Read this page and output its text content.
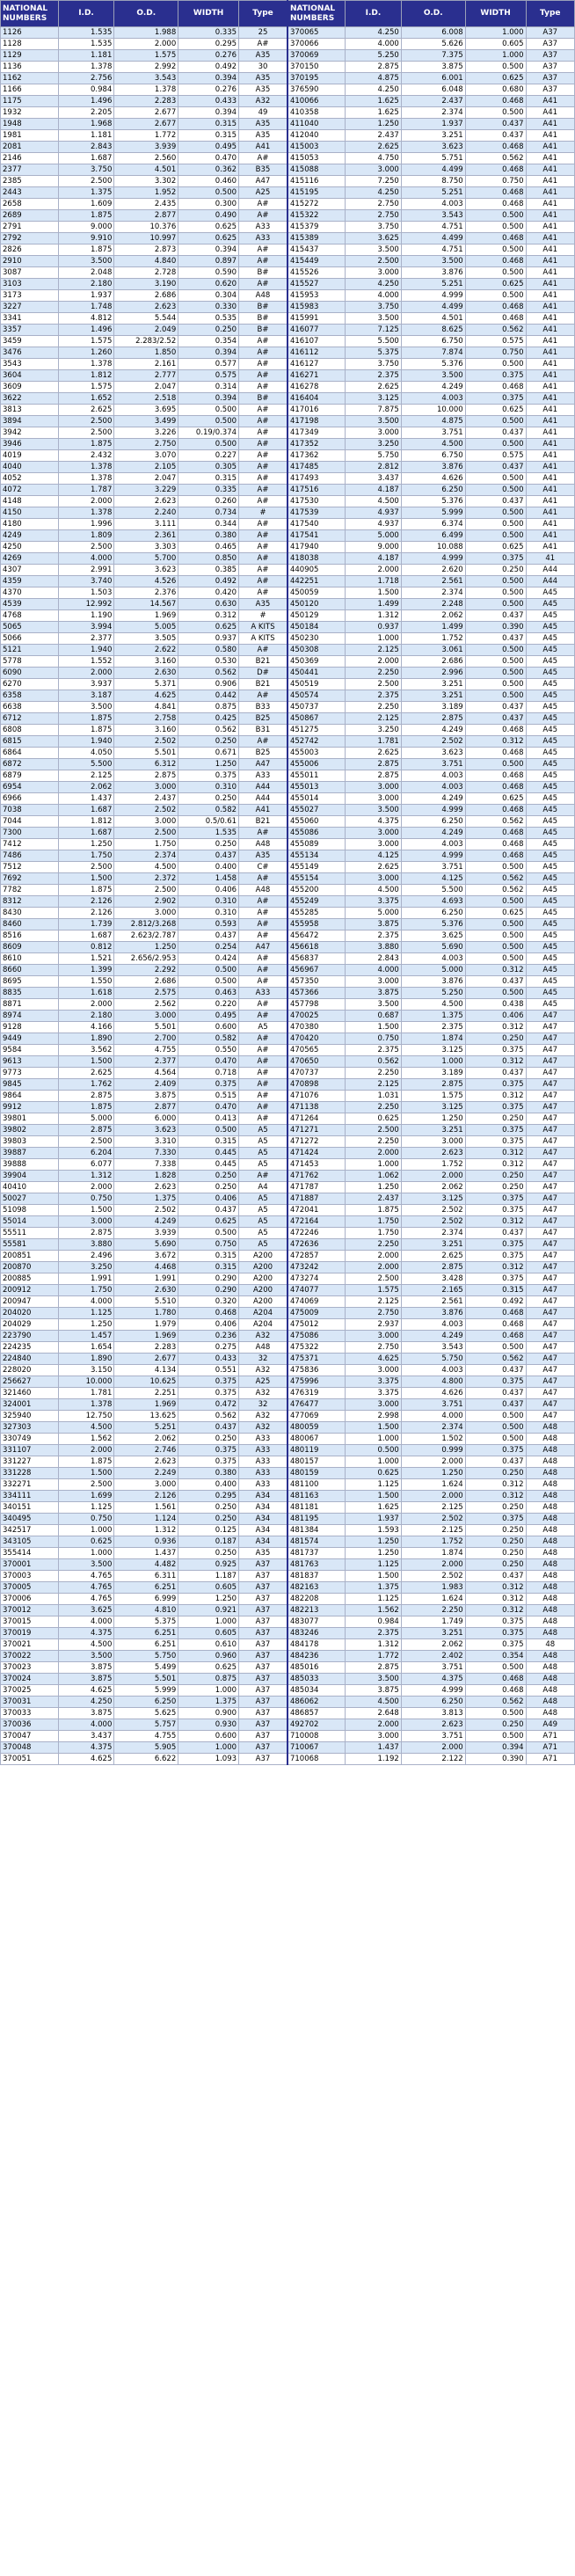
NATIONAL NUMBERS	I.D.	O.D.	WIDTH	Type	NATIONAL NUMBERS	I.D.	O.D.	WIDTH	Type
1126	1.535	1.988	0.335	25	370065	4.250	6.008	1.000	A37
1128	1.535	2.000	0.295	A#	370066	4.000	5.626	0.605	A37
1129	1.181	1.575	0.276	A35	370069	5.250	7.375	1.000	A37
1136	1.378	2.992	0.492	30	370150	2.875	3.875	0.500	A37
1162	2.756	3.543	0.394	A35	370195	4.875	6.001	0.625	A37
1166	0.984	1.378	0.276	A35	376590	4.250	6.048	0.680	A37
1175	1.496	2.283	0.433	A32	410066	1.625	2.437	0.468	A41
1932	2.205	2.677	0.394	49	410358	1.625	2.374	0.500	A41
1948	1.968	2.677	0.315	A35	411040	1.250	1.937	0.437	A41
1981	1.181	1.772	0.315	A35	412040	2.437	3.251	0.437	A41
2081	2.843	3.939	0.495	A41	415003	2.625	3.623	0.468	A41
2146	1.687	2.560	0.470	A#	415053	4.750	5.751	0.562	A41
2377	3.750	4.501	0.362	B35	415088	3.000	4.499	0.468	A41
2385	2.500	3.302	0.460	A47	415116	7.250	8.750	0.750	A41
2443	1.375	1.952	0.500	A25	415195	4.250	5.251	0.468	A41
2658	1.609	2.435	0.300	A#	415272	2.750	4.003	0.468	A41
2689	1.875	2.877	0.490	A#	415322	2.750	3.543	0.500	A41
2791	9.000	10.376	0.625	A33	415379	3.750	4.751	0.500	A41
2792	9.910	10.997	0.625	A33	415389	3.625	4.499	0.468	A41
2826	1.875	2.873	0.394	A#	415437	3.500	4.751	0.500	A41
2910	3.500	4.840	0.897	A#	415449	2.500	3.500	0.468	A41
3087	2.048	2.728	0.590	B#	415526	3.000	3.876	0.500	A41
3103	2.180	3.190	0.620	A#	415527	4.250	5.251	0.625	A41
3173	1.937	2.686	0.304	A48	415953	4.000	4.999	0.500	A41
3227	1.748	2.623	0.330	B#	415983	3.750	4.499	0.468	A41
3341	4.812	5.544	0.535	B#	415991	3.500	4.501	0.468	A41
3357	1.496	2.049	0.250	B#	416077	7.125	8.625	0.562	A41
3459	1.575	2.283/2.52	0.354	A#	416107	5.500	6.750	0.575	A41
3476	1.260	1.850	0.394	A#	416112	5.375	7.874	0.750	A41
3543	1.378	2.161	0.577	A#	416127	3.750	5.376	0.500	A41
3604	1.812	2.777	0.575	A#	416271	2.375	3.500	0.375	A41
3609	1.575	2.047	0.314	A#	416278	2.625	4.249	0.468	A41
3622	1.652	2.518	0.394	B#	416404	3.125	4.003	0.375	A41
3813	2.625	3.695	0.500	A#	417016	7.875	10.000	0.625	A41
3894	2.500	3.499	0.500	A#	417198	3.500	4.875	0.500	A41
3942	2.500	3.226	0.19/0.374	A#	417349	3.000	3.751	0.437	A41
3946	1.875	2.750	0.500	A#	417352	3.250	4.500	0.500	A41
4019	2.432	3.070	0.227	A#	417362	5.750	6.750	0.575	A41
4040	1.378	2.105	0.305	A#	417485	2.812	3.876	0.437	A41
4052	1.378	2.047	0.315	A#	417493	3.437	4.626	0.500	A41
4072	1.787	3.229	0.335	A#	417516	4.187	6.250	0.500	A41
4148	2.000	2.623	0.260	A#	417530	4.500	5.376	0.437	A41
4150	1.378	2.240	0.734	#	417539	4.937	5.999	0.500	A41
4180	1.996	3.111	0.344	A#	417540	4.937	6.374	0.500	A41
4249	1.809	2.361	0.380	A#	417541	5.000	6.499	0.500	A41
4250	2.500	3.303	0.465	A#	417940	9.000	10.088	0.625	A41
4269	4.000	5.700	0.850	A#	418038	4.187	4.999	0.375	41
4307	2.991	3.623	0.385	A#	440905	2.000	2.620	0.250	A44
4359	3.740	4.526	0.492	A#	442251	1.718	2.561	0.500	A44
4370	1.503	2.376	0.420	A#	450059	1.500	2.374	0.500	A45
4539	12.992	14.567	0.630	A35	450120	1.499	2.248	0.500	A45
4768	1.190	1.969	0.312	#	450129	1.312	2.062	0.437	A45
5065	3.994	5.005	0.625	A KITS	450184	0.937	1.499	0.390	A45
5066	2.377	3.505	0.937	A KITS	450230	1.000	1.752	0.437	A45
5121	1.940	2.622	0.580	A#	450308	2.125	3.061	0.500	A45
5778	1.552	3.160	0.530	B21	450369	2.000	2.686	0.500	A45
6090	2.000	2.630	0.562	D#	450441	2.250	2.996	0.500	A45
6270	3.937	5.371	0.906	B21	450519	2.500	3.251	0.500	A45
6358	3.187	4.625	0.442	A#	450574	2.375	3.251	0.500	A45
6638	3.500	4.841	0.875	B33	450737	2.250	3.189	0.437	A45
6712	1.875	2.758	0.425	B25	450867	2.125	2.875	0.437	A45
6808	1.875	3.160	0.562	B31	451275	3.250	4.249	0.468	A45
6815	1.940	2.502	0.250	A#	452742	1.781	2.502	0.312	A45
6864	4.050	5.501	0.671	B25	455003	2.625	3.623	0.468	A45
6872	5.500	6.312	1.250	A47	455006	2.875	3.751	0.500	A45
6879	2.125	2.875	0.375	A33	455011	2.875	4.003	0.468	A45
6954	2.062	3.000	0.310	A44	455013	3.000	4.003	0.468	A45
6966	1.437	2.437	0.250	A44	455014	3.000	4.249	0.625	A45
7038	1.687	2.502	0.582	A41	455027	3.500	4.999	0.468	A45
7044	1.812	3.000	0.5/0.61	B21	455060	4.375	6.250	0.562	A45
7300	1.687	2.500	1.535	A#	455086	3.000	4.249	0.468	A45
7412	1.250	1.750	0.250	A48	455089	3.000	4.003	0.468	A45
7486	1.750	2.374	0.437	A35	455134	4.125	4.999	0.468	A45
7512	2.500	4.500	0.400	C#	455149	2.625	3.751	0.500	A45
7692	1.500	2.372	1.458	A#	455154	3.000	4.125	0.562	A45
7782	1.875	2.500	0.406	A48	455200	4.500	5.500	0.562	A45
8312	2.126	2.902	0.310	A#	455249	3.375	4.693	0.500	A45
8430	2.126	3.000	0.310	A#	455285	5.000	6.250	0.625	A45
8460	1.739	2.812/3.268	0.593	A#	455958	3.875	5.376	0.500	A45
8516	1.687	2.623/2.787	0.437	A#	456472	2.375	3.625	0.500	A45
8609	0.812	1.250	0.254	A47	456618	3.880	5.690	0.500	A45
8610	1.521	2.656/2.953	0.424	A#	456837	2.843	4.003	0.500	A45
8660	1.399	2.292	0.500	A#	456967	4.000	5.000	0.312	A45
8695	1.550	2.686	0.500	A#	457350	3.000	3.876	0.437	A45
8835	1.618	2.575	0.463	A33	457366	3.875	5.250	0.500	A45
8871	2.000	2.562	0.220	A#	457798	3.500	4.500	0.438	A45
8974	2.180	3.000	0.495	A#	470025	0.687	1.375	0.406	A47
9128	4.166	5.501	0.600	A5	470380	1.500	2.375	0.312	A47
9449	1.890	2.700	0.582	A#	470420	0.750	1.874	0.250	A47
9584	3.562	4.755	0.550	A#	470565	2.375	3.125	0.375	A47
9613	1.500	2.377	0.470	A#	470650	0.562	1.000	0.312	A47
9773	2.625	4.564	0.718	A#	470737	2.250	3.189	0.437	A47
9845	1.762	2.409	0.375	A#	470898	2.125	2.875	0.375	A47
9864	2.875	3.875	0.515	A#	471076	1.031	1.575	0.312	A47
9912	1.875	2.877	0.470	A#	471138	2.250	3.125	0.375	A47
39801	5.000	6.000	0.413	A#	471264	0.625	1.250	0.250	A47
39802	2.875	3.623	0.500	A5	471271	2.500	3.251	0.375	A47
39803	2.500	3.310	0.315	A5	471272	2.250	3.000	0.375	A47
39887	6.204	7.330	0.445	A5	471424	2.000	2.623	0.312	A47
39888	6.077	7.338	0.445	A5	471453	1.000	1.752	0.312	A47
39904	1.312	1.828	0.250	A#	471762	1.062	2.000	0.250	A47
40410	2.000	2.623	0.250	A4	471787	1.250	2.062	0.250	A47
50027	0.750	1.375	0.406	A5	471887	2.437	3.125	0.375	A47
51098	1.500	2.502	0.437	A5	472041	1.875	2.502	0.375	A47
55014	3.000	4.249	0.625	A5	472164	1.750	2.502	0.312	A47
55511	2.875	3.939	0.500	A5	472246	1.750	2.374	0.437	A47
55581	3.880	5.690	0.750	A5	472636	2.250	3.251	0.375	A47
200851	2.496	3.672	0.315	A200	472857	2.000	2.625	0.375	A47
200870	3.250	4.468	0.315	A200	473242	2.000	2.875	0.312	A47
200885	1.991	1.991	0.290	A200	473274	2.500	3.428	0.375	A47
200912	1.750	2.630	0.290	A200	474077	1.575	2.165	0.315	A47
200947	4.000	5.510	0.320	A200	474069	2.125	2.561	0.492	A47
204020	1.125	1.780	0.468	A204	475009	2.750	3.876	0.468	A47
204029	1.250	1.979	0.406	A204	475012	2.937	4.003	0.468	A47
223790	1.457	1.969	0.236	A32	475086	3.000	4.249	0.468	A47
224235	1.654	2.283	0.275	A48	475322	2.750	3.543	0.500	A47
224840	1.890	2.677	0.433	32	475371	4.625	5.750	0.562	A47
228020	3.150	4.134	0.551	A32	475836	3.000	4.003	0.437	A47
256627	10.000	10.625	0.375	A25	475996	3.375	4.800	0.375	A47
321460	1.781	2.251	0.375	A32	476319	3.375	4.626	0.437	A47
324001	1.378	1.969	0.472	32	476477	3.000	3.751	0.437	A47
325940	12.750	13.625	0.562	A32	477069	2.998	4.000	0.500	A47
327303	4.500	5.251	0.437	A32	480059	1.500	2.374	0.500	A48
330749	1.562	2.062	0.250	A33	480067	1.000	1.502	0.500	A48
331107	2.000	2.746	0.375	A33	480119	0.500	0.999	0.375	A48
331227	1.875	2.623	0.375	A33	480157	1.000	2.000	0.437	A48
331228	1.500	2.249	0.380	A33	480159	0.625	1.250	0.250	A48
332271	2.500	3.000	0.400	A33	481100	1.125	1.624	0.312	A48
334111	1.699	2.126	0.295	A34	481163	1.500	2.000	0.312	A48
340151	1.125	1.561	0.250	A34	481181	1.625	2.125	0.250	A48
340495	0.750	1.124	0.250	A34	481195	1.937	2.502	0.375	A48
342517	1.000	1.312	0.125	A34	481384	1.593	2.125	0.250	A48
343105	0.625	0.936	0.187	A34	481574	1.250	1.752	0.250	A48
355414	1.000	1.437	0.250	A35	481737	1.250	1.874	0.250	A48
370001	3.500	4.482	0.925	A37	481763	1.125	2.000	0.250	A48
370003	4.765	6.311	1.187	A37	481837	1.500	2.502	0.437	A48
370005	4.765	6.251	0.605	A37	482163	1.375	1.983	0.312	A48
370006	4.765	6.999	1.250	A37	482208	1.125	1.624	0.312	A48
370012	3.625	4.810	0.921	A37	482213	1.562	2.250	0.312	A48
370015	4.000	5.375	1.000	A37	483077	0.984	1.749	0.375	A48
370019	4.375	6.251	0.605	A37	483246	2.375	3.251	0.375	A48
370021	4.500	6.251	0.610	A37	484178	1.312	2.062	0.375	48
370022	3.500	5.750	0.960	A37	484236	1.772	2.402	0.354	A48
370023	3.875	5.499	0.625	A37	485016	2.875	3.751	0.500	A48
370024	3.875	5.501	0.875	A37	485033	3.500	4.375	0.468	A48
370025	4.625	5.999	1.000	A37	485034	3.875	4.999	0.468	A48
370031	4.250	6.250	1.375	A37	486062	4.500	6.250	0.562	A48
370033	3.875	5.625	0.900	A37	486857	2.648	3.813	0.500	A48
370036	4.000	5.757	0.930	A37	492702	2.000	2.623	0.250	A49
370047	3.437	4.755	0.600	A37	710008	3.000	3.751	0.500	A71
370048	4.375	5.905	1.000	A37	710067	1.437	2.000	0.394	A71
370051	4.625	6.622	1.093	A37	710068	1.192	2.122	0.390	A71
